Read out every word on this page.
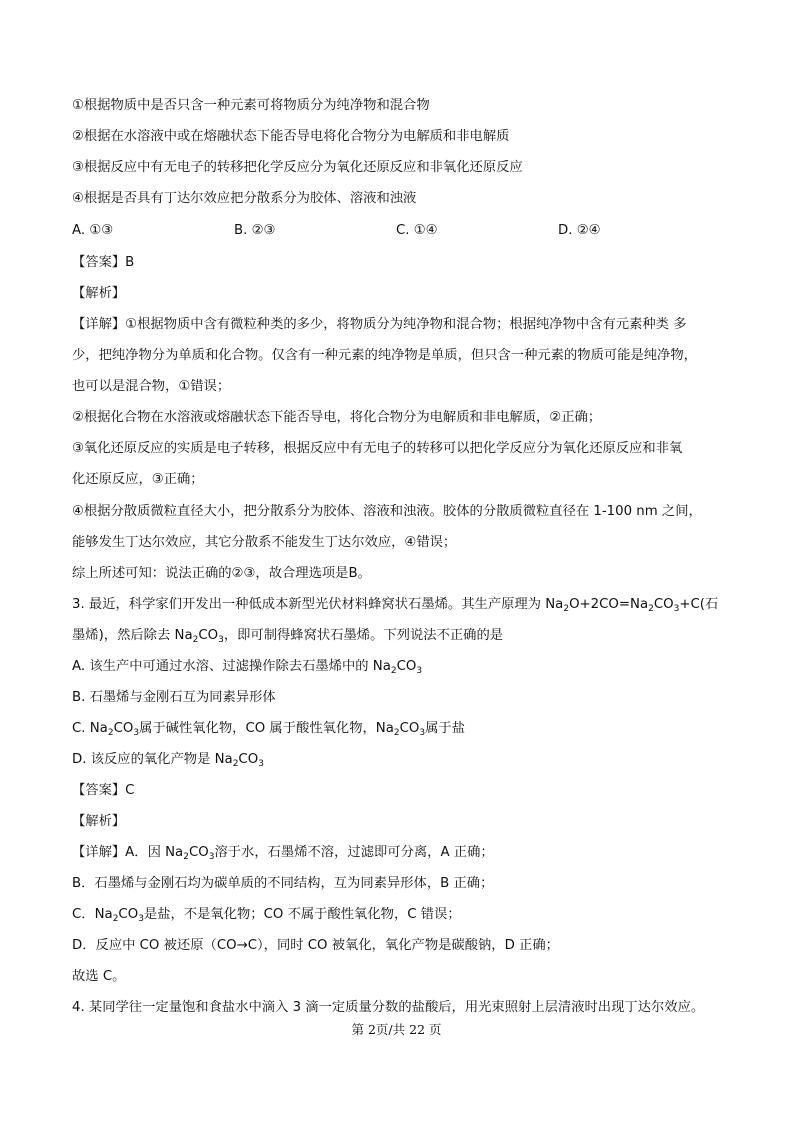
①根据物质中是否只含一种元素可将物质分为纯净物和混合物
②根据在水溶液中或在熔融状态下能否导电将化合物分为电解质和非电解质
③根据反应中有无电子的转移把化学反应分为氧化还原反应和非氧化还原反应
④根据是否具有丁达尔效应把分散系分为胶体、溶液和浊液
A. ①③	B. ②③	C. ①④	D. ②④
【答案】B
【解析】
【详解】①根据物质中含有微粒种类的多少，将物质分为纯净物和混合物；根据纯净物中含有元素种类 多
少，把纯净物分为单质和化合物。仅含有一种元素的纯净物是单质，但只含一种元素的物质可能是纯净物，
也可以是混合物，①错误；
②根据化合物在水溶液或熔融状态下能否导电，将化合物分为电解质和非电解质，②正确；
③氧化还原反应的实质是电子转移，根据反应中有无电子的转移可以把化学反应分为氧化还原反应和非氧
化还原反应，③正确；
④根据分散质微粒直径大小，把分散系分为胶体、溶液和浊液。胶体的分散质微粒直径在 1-100 nm 之间，
能够发生丁达尔效应，其它分散系不能发生丁达尔效应，④错误；
综上所述可知：说法正确的②③，故合理选项是B。
3. 最近，科学家们开发出一种低成本新型光伏材料蜂窝状石墨烯。其生产原理为 $Na_2O+2CO=Na_2CO_3+C$(石
墨烯)，然后除去 $Na_2CO_3$，即可制得蜂窝状石墨烯。下列说法不正确的是
A. 该生产中可通过水溶、过滤操作除去石墨烯中的 $Na_2CO_3$
B. 石墨烯与金刚石互为同素异形体
C. $Na_2CO_3$属于碱性氧化物，CO 属于酸性氧化物，$Na_2CO_3$属于盐
D. 该反应的氧化产物是 $Na_2CO_3$
【答案】C
【解析】
【详解】A．因 $Na_2CO_3$溶于水，石墨烯不溶，过滤即可分离，A 正确；
B．石墨烯与金刚石均为碳单质的不同结构，互为同素异形体，B 正确；
C．$Na_2CO_3$是盐，不是氧化物；CO 不属于酸性氧化物，C 错误；
D．反应中 CO 被还原（CO→C），同时 CO 被氧化，氧化产物是碳酸钠，D 正确；
故选 C。
4. 某同学往一定量饱和食盐水中滴入 3 滴一定质量分数的盐酸后，用光束照射上层清液时出现丁达尔效应。
第 2页/共 22 页
